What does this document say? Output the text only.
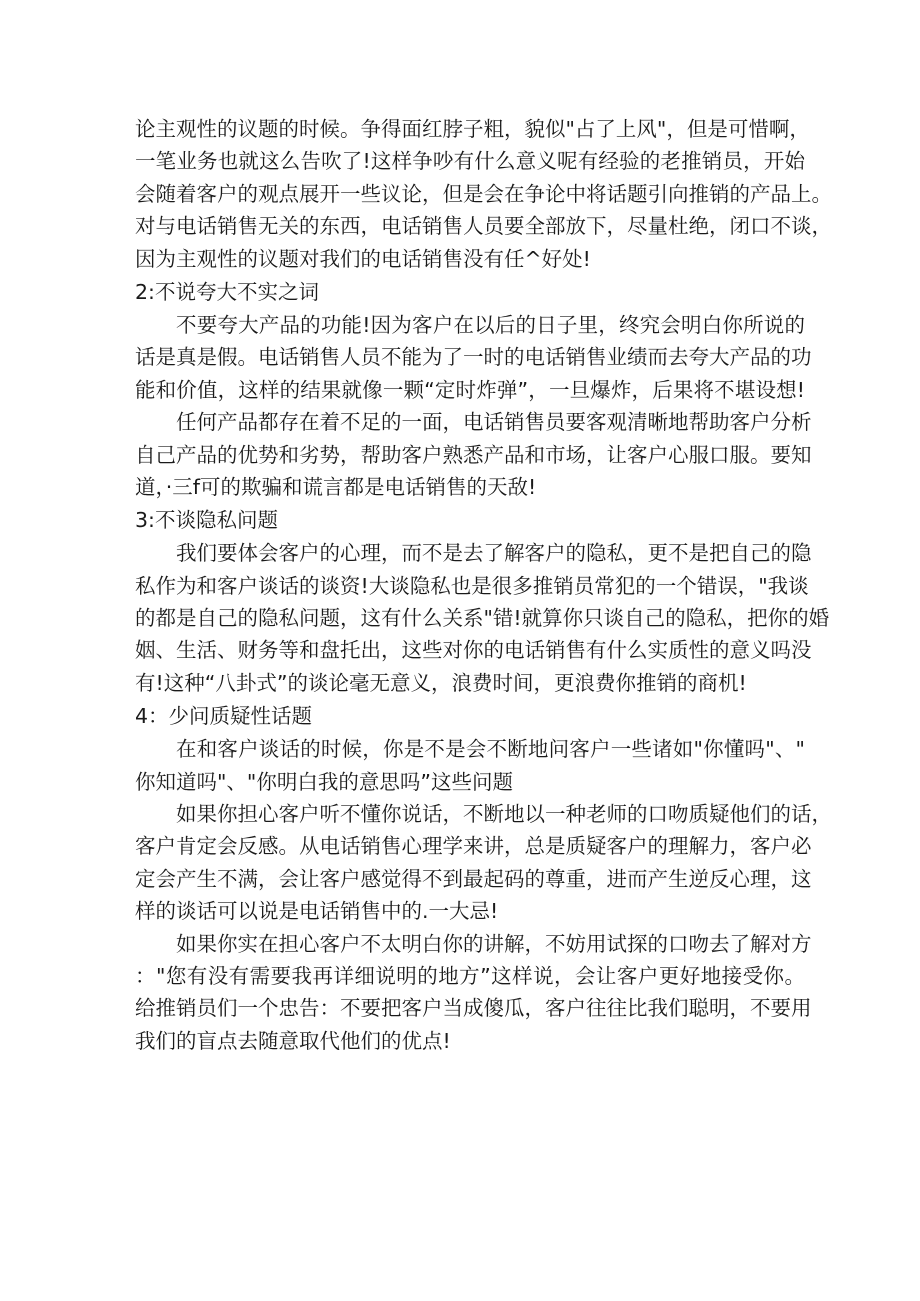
论主观性的议题的时候。争得面红脖子粗，貌似"占了上风"，但是可惜啊，
一笔业务也就这么告吹了!这样争吵有什么意义呢有经验的老推销员，开始
会随着客户的观点展开一些议论，但是会在争论中将话题引向推销的产品上。
对与电话销售无关的东西，电话销售人员要全部放下，尽量杜绝，闭口不谈，
因为主观性的议题对我们的电话销售没有任^好处!

2:不说夸大不实之词

不要夸大产品的功能!因为客户在以后的日子里，终究会明白你所说的
话是真是假。电话销售人员不能为了一时的电话销售业绩而去夸大产品的功
能和价值，这样的结果就像一颗“定时炸弹”，一旦爆炸，后果将不堪设想!

任何产品都存在着不足的一面，电话销售员要客观清晰地帮助客户分析
自己产品的优势和劣势，帮助客户熟悉产品和市场，让客户心服口服。要知
道，·三f可的欺骗和谎言都是电话销售的天敌!

3:不谈隐私问题

我们要体会客户的心理，而不是去了解客户的隐私，更不是把自己的隐
私作为和客户谈话的谈资!大谈隐私也是很多推销员常犯的一个错误，"我谈
的都是自己的隐私问题，这有什么关系"错!就算你只谈自己的隐私，把你的婚
姻、生活、财务等和盘托出，这些对你的电话销售有什么实质性的意义吗没
有!这种“八卦式”的谈论毫无意义，浪费时间，更浪费你推销的商机!

4：少问质疑性话题

在和客户谈话的时候，你是不是会不断地问客户一些诸如"你懂吗"、"
你知道吗"、"你明白我的意思吗”这些问题

如果你担心客户听不懂你说话，不断地以一种老师的口吻质疑他们的话，
客户肯定会反感。从电话销售心理学来讲，总是质疑客户的理解力，客户必
定会产生不满，会让客户感觉得不到最起码的尊重，进而产生逆反心理，这
样的谈话可以说是电话销售中的.一大忌!

如果你实在担心客户不太明白你的讲解，不妨用试探的口吻去了解对方
："您有没有需要我再详细说明的地方”这样说，会让客户更好地接受你。
给推销员们一个忠告：不要把客户当成傻瓜，客户往往比我们聪明，不要用
我们的盲点去随意取代他们的优点!
